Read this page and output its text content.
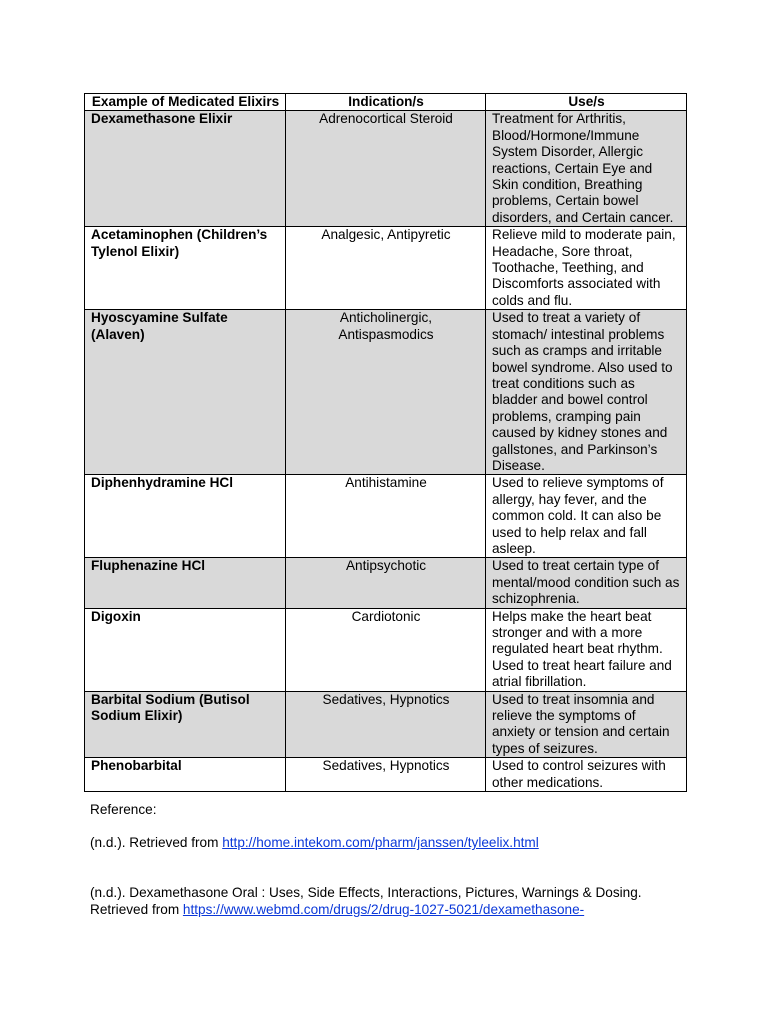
Example of Medicated Elixirs	Indication/s	Use/s
Dexamethasone Elixir	Adrenocortical Steroid	Treatment for Arthritis, Blood/Hormone/Immune System Disorder, Allergic reactions, Certain Eye and Skin condition, Breathing problems, Certain bowel disorders, and Certain cancer.
Acetaminophen (Children’s Tylenol Elixir)	Analgesic, Antipyretic	Relieve mild to moderate pain, Headache, Sore throat, Toothache, Teething, and Discomforts associated with colds and flu.
Hyoscyamine Sulfate (Alaven)	Anticholinergic, Antispasmodics	Used to treat a variety of stomach/ intestinal problems such as cramps and irritable bowel syndrome. Also used to treat conditions such as bladder and bowel control problems, cramping pain caused by kidney stones and gallstones, and Parkinson’s Disease.
Diphenhydramine HCl	Antihistamine	Used to relieve symptoms of allergy, hay fever, and the common cold. It can also be used to help relax and fall asleep.
Fluphenazine HCl	Antipsychotic	Used to treat certain type of mental/mood condition such as schizophrenia.
Digoxin	Cardiotonic	Helps make the heart beat stronger and with a more regulated heart beat rhythm. Used to treat heart failure and atrial fibrillation.
Barbital Sodium (Butisol Sodium Elixir)	Sedatives, Hypnotics	Used to treat insomnia and relieve the symptoms of anxiety or tension and certain types of seizures.
Phenobarbital	Sedatives, Hypnotics	Used to control seizures with other medications.
Reference:
(n.d.). Retrieved from http://home.intekom.com/pharm/janssen/tyleelix.html
(n.d.). Dexamethasone Oral : Uses, Side Effects, Interactions, Pictures, Warnings & Dosing.
Retrieved from https://www.webmd.com/drugs/2/drug-1027-5021/dexamethasone-
